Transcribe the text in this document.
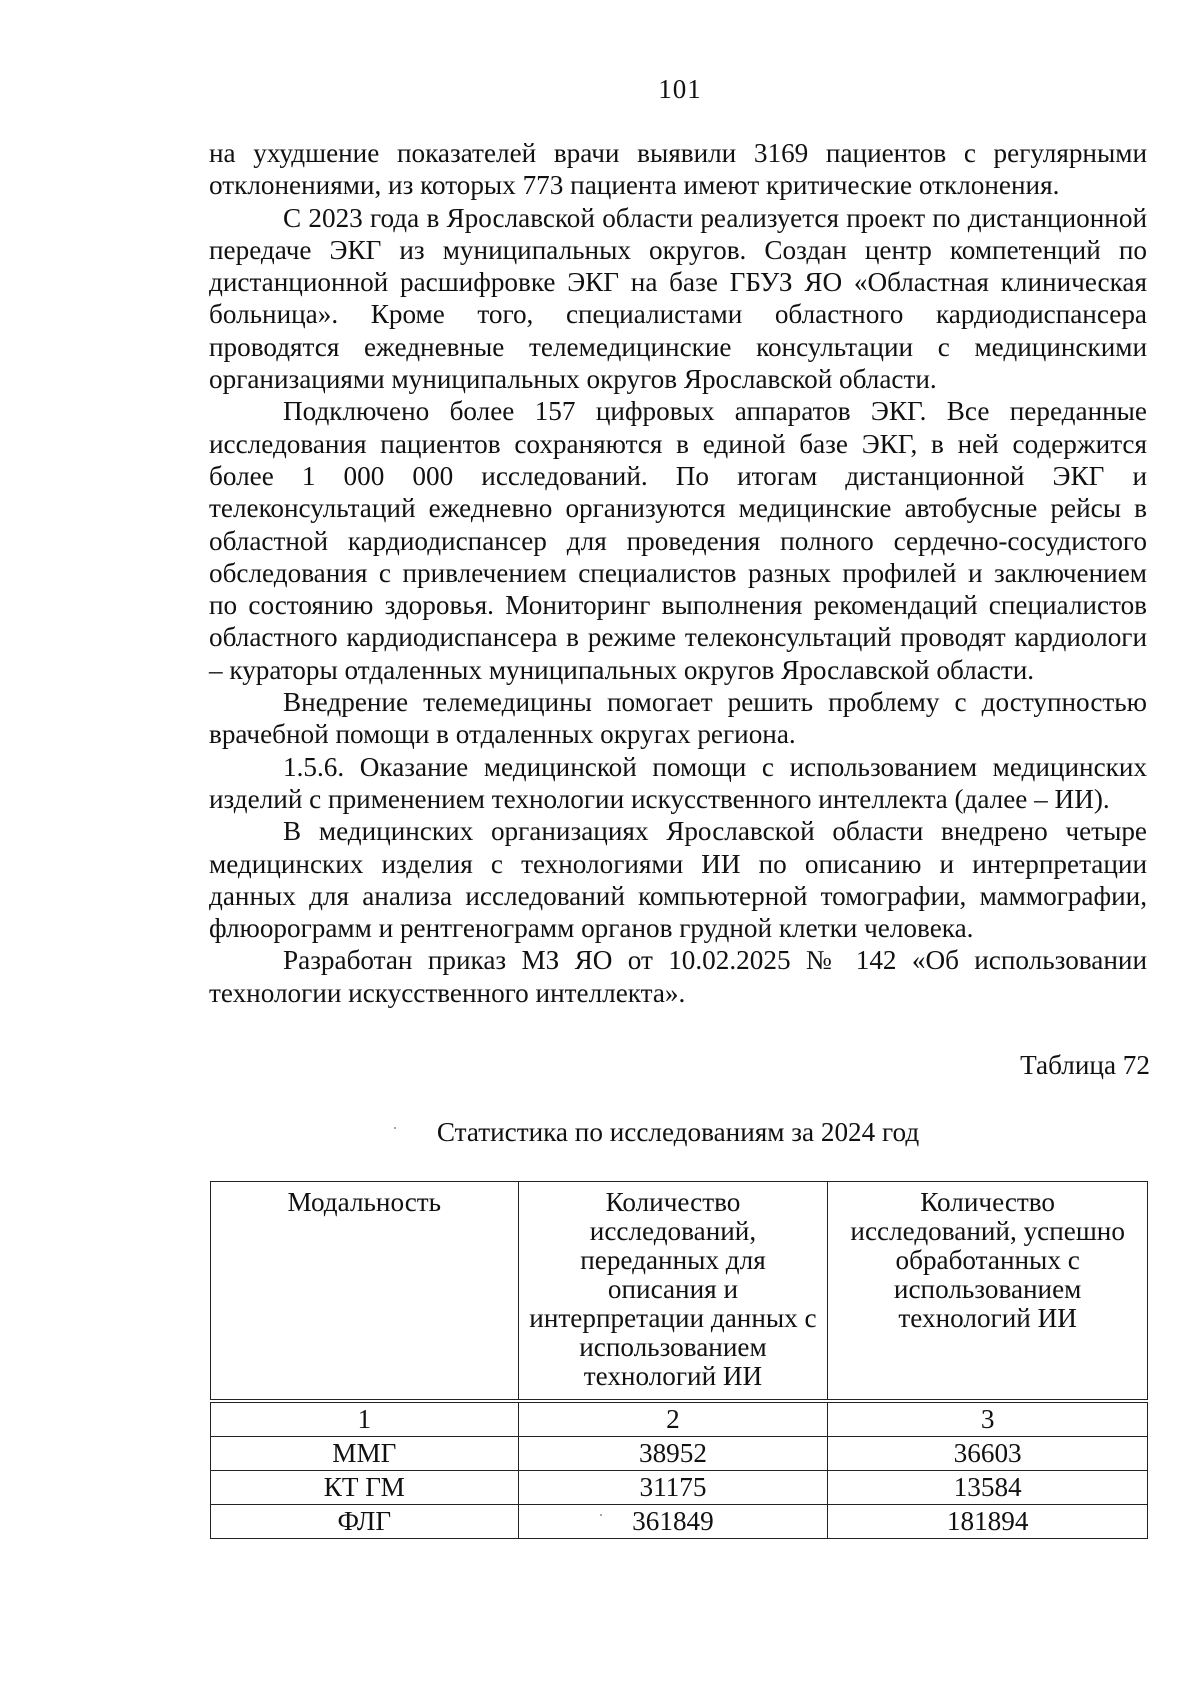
101

на ухудшение показателей врачи выявили 3169 пациентов с регулярными отклонениями, из которых 773 пациента имеют критические отклонения.

С 2023 года в Ярославской области реализуется проект по дистанционной передаче ЭКГ из муниципальных округов. Создан центр компетенций по дистанционной расшифровке ЭКГ на базе ГБУЗ ЯО «Областная клиническая больница». Кроме того, специалистами областного кардиодиспансера проводятся ежедневные телемедицинские консультации с медицинскими организациями муниципальных округов Ярославской области.

Подключено более 157 цифровых аппаратов ЭКГ. Все переданные исследования пациентов сохраняются в единой базе ЭКГ, в ней содержится более 1 000 000 исследований. По итогам дистанционной ЭКГ и телеконсультаций ежедневно организуются медицинские автобусные рейсы в областной кардиодиспансер для проведения полного сердечно-сосудистого обследования с привлечением специалистов разных профилей и заключением по состоянию здоровья. Мониторинг выполнения рекомендаций специалистов областного кардиодиспансера в режиме телеконсультаций проводят кардиологи – кураторы отдаленных муниципальных округов Ярославской области.

Внедрение телемедицины помогает решить проблему с доступностью врачебной помощи в отдаленных округах региона.

1.5.6. Оказание медицинской помощи с использованием медицинских изделий с применением технологии искусственного интеллекта (далее – ИИ).

В медицинских организациях Ярославской области внедрено четыре медицинских изделия с технологиями ИИ по описанию и интерпретации данных для анализа исследований компьютерной томографии, маммографии, флюорограмм и рентгенограмм органов грудной клетки человека.

Разработан приказ МЗ ЯО от 10.02.2025 № 142 «Об использовании технологии искусственного интеллекта».

Таблица 72
Статистика по исследованиям за 2024 год
Модальность	Количество исследований, переданных для описания и интерпретации данных с использованием технологий ИИ	Количество исследований, успешно обработанных с использованием технологий ИИ
1	2	3
ММГ	38952	36603
КТ ГМ	31175	13584
ФЛГ	361849	181894
